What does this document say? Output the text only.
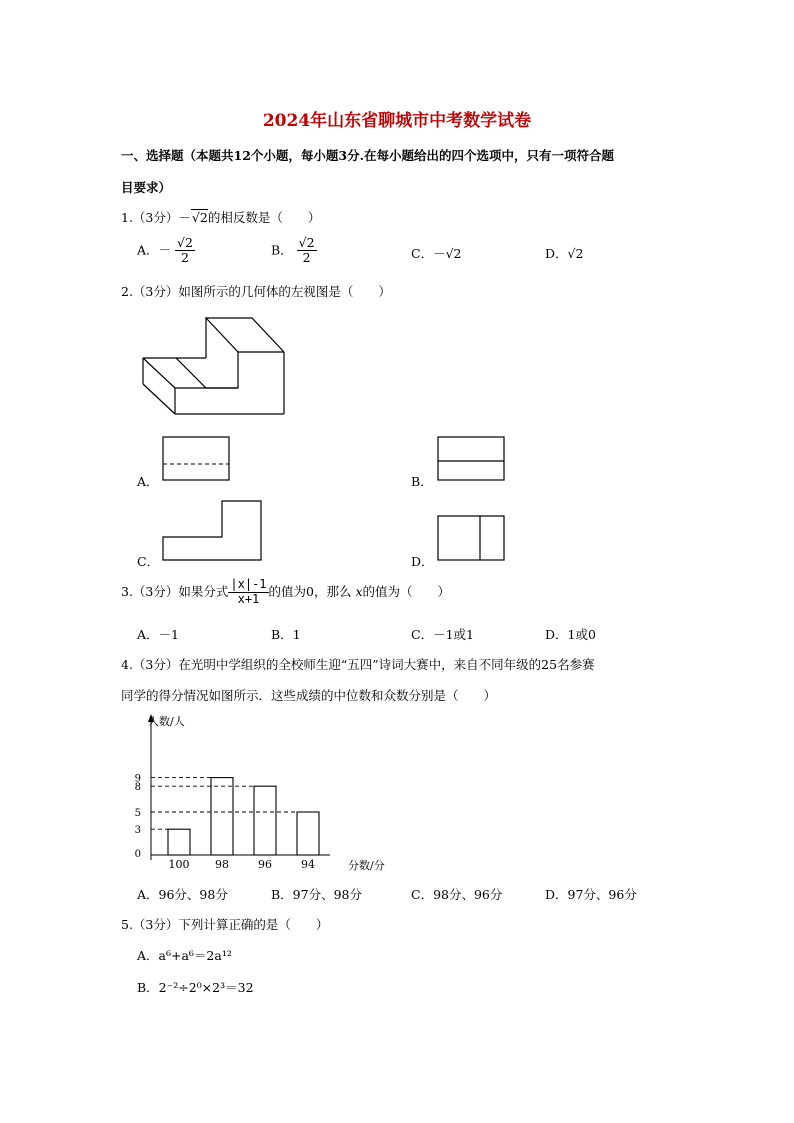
2024年山东省聊城市中考数学试卷
一、选择题（本题共12个小题，每小题3分.在每小题给出的四个选项中，只有一项符合题
目要求）
1.（3分）－√2的相反数是（　　）
A．－ $\frac{√2}{2}$	B． $\frac{√2}{2}$	C．－√2	D．√2
2.（3分）如图所示的几何体的左视图是（　　）
A．	B．
C．	D．
3.（3分）如果分式 $\frac{|x|-1}{x+1}$ 的值为0，那么 x的值为（　　）
A．－1	B．1	C．－1或1	D．1或0
4.（3分）在光明中学组织的全校师生迎“五四”诗词大赛中，来自不同年级的25名参赛
同学的得分情况如图所示．这些成绩的中位数和众数分别是（　　）
人数/人
分数/分
0
3
5
8
9
100 98	96	94
A．96分、98分	B．97分、98分	C．98分、96分	D．97分、96分
5.（3分）下列计算正确的是（　　）
A．a⁶+a⁶＝2a¹²
B．2⁻²÷2⁰×2³＝32
